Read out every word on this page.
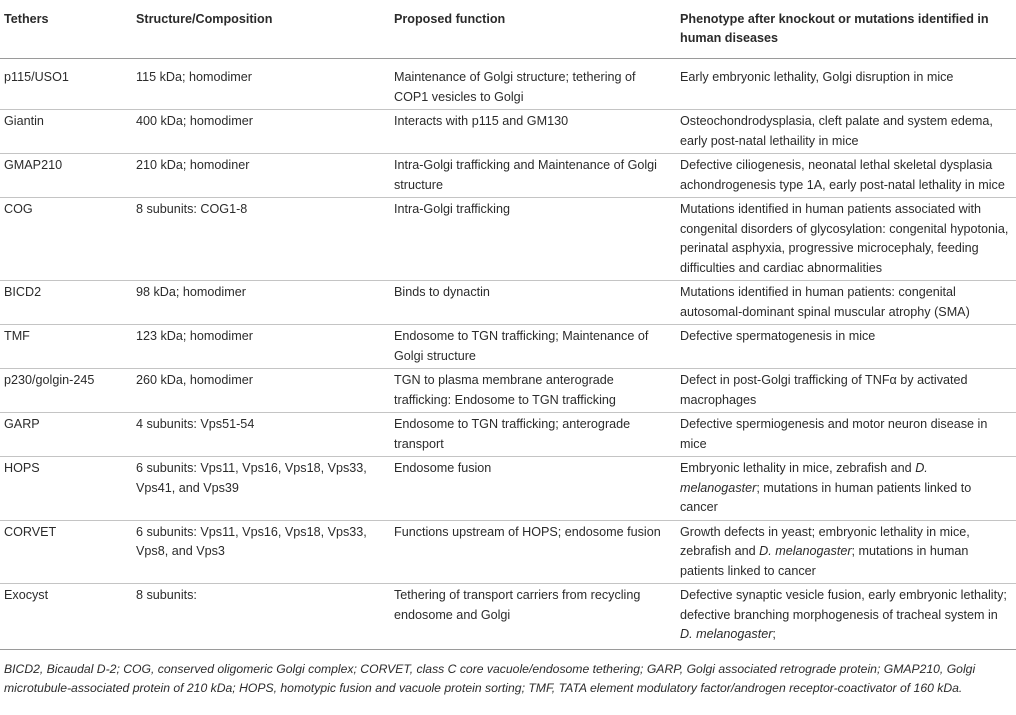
Tethers	Structure/Composition	Proposed function	Phenotype after knockout or mutations identified in human diseases
p115/USO1	115 kDa; homodimer	Maintenance of Golgi structure; tethering of COP1 vesicles to Golgi	Early embryonic lethality, Golgi disruption in mice
Giantin	400 kDa; homodimer	Interacts with p115 and GM130	Osteochondrodysplasia, cleft palate and system edema, early post-natal lethaility in mice
GMAP210	210 kDa; homodiner	Intra-Golgi trafficking and Maintenance of Golgi structure	Defective ciliogenesis, neonatal lethal skeletal dysplasia achondrogenesis type 1A, early post-natal lethality in mice
COG	8 subunits: COG1-8	Intra-Golgi trafficking	Mutations identified in human patients associated with congenital disorders of glycosylation: congenital hypotonia, perinatal asphyxia, progressive microcephaly, feeding difficulties and cardiac abnormalities
BICD2	98 kDa; homodimer	Binds to dynactin	Mutations identified in human patients: congenital autosomal-dominant spinal muscular atrophy (SMA)
TMF	123 kDa; homodimer	Endosome to TGN trafficking; Maintenance of Golgi structure	Defective spermatogenesis in mice
p230/golgin-245	260 kDa, homodimer	TGN to plasma membrane anterograde trafficking: Endosome to TGN trafficking	Defect in post-Golgi trafficking of TNFα by activated macrophages
GARP	4 subunits: Vps51-54	Endosome to TGN trafficking; anterograde transport	Defective spermiogenesis and motor neuron disease in mice
HOPS	6 subunits: Vps11, Vps16, Vps18, Vps33, Vps41, and Vps39	Endosome fusion	Embryonic lethality in mice, zebrafish and D. melanogaster; mutations in human patients linked to cancer
CORVET	6 subunits: Vps11, Vps16, Vps18, Vps33, Vps8, and Vps3	Functions upstream of HOPS; endosome fusion	Growth defects in yeast; embryonic lethality in mice, zebrafish and D. melanogaster; mutations in human patients linked to cancer
Exocyst	8 subunits:	Tethering of transport carriers from recycling endosome and Golgi	Defective synaptic vesicle fusion, early embryonic lethality; defective branching morphogenesis of tracheal system in D. melanogaster;
BICD2, Bicaudal D-2; COG, conserved oligomeric Golgi complex; CORVET, class C core vacuole/endosome tethering; GARP, Golgi associated retrograde protein; GMAP210, Golgi microtubule-associated protein of 210 kDa; HOPS, homotypic fusion and vacuole protein sorting; TMF, TATA element modulatory factor/androgen receptor-coactivator of 160 kDa.
